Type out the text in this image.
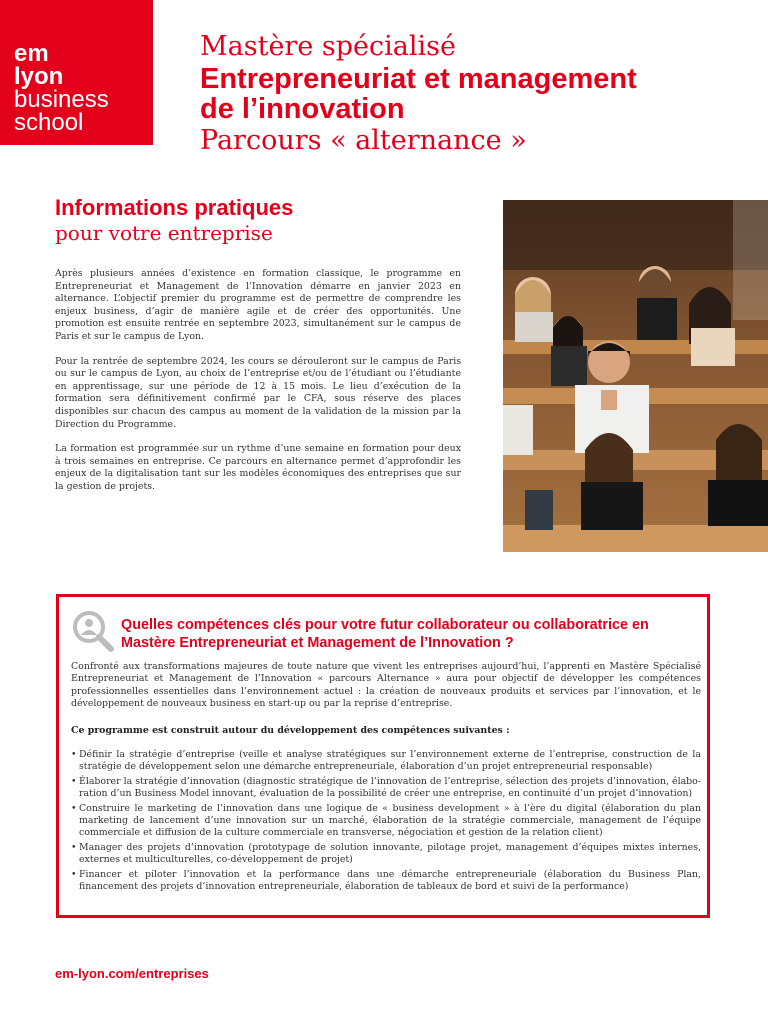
em
lyon
business
school
Mastère spécialisé
Entrepreneuriat et management
de l’innovation
Parcours « alternance »
Informations pratiques
pour votre entreprise

Après plusieurs années d’existence en formation classique, le programme en Entrepreneuriat et Management de l’Innovation démarre en janvier 2023 en alternance. L’objectif premier du programme est de permettre de comprendre les enjeux business, d’agir de manière agile et de créer des opportunités. Une promotion est ensuite rentrée en septembre 2023, simultanément sur le campus de Paris et sur le campus de Lyon.

Pour la rentrée de septembre 2024, les cours se dérouleront sur le campus de Paris ou sur le campus de Lyon, au choix de l’entreprise et/ou de l’étudiant ou l’étudiante en apprentissage, sur une période de 12 à 15 mois. Le lieu d’exécution de la formation sera définitivement confirmé par le CFA, sous réserve des places disponibles sur chacun des campus au moment de la validation de la mission par la Direction du Programme.

La formation est programmée sur un rythme d’une semaine en formation pour deux à trois semaines en entreprise. Ce parcours en alternance permet d’approfondir les enjeux de la digitalisation tant sur les modèles économiques des entreprises que sur la gestion de projets.

Quelles compétences clés pour votre futur collaborateur ou collaboratrice en Mastère Entrepreneuriat et Management de l’Innovation ?

Confronté aux transformations majeures de toute nature que vivent les entreprises aujourd’hui, l’apprenti en Mastère Spécialisé Entrepreneuriat et Management de l’Innovation « parcours Alternance » aura pour objectif de développer les compétences professionnelles essentielles dans l’environnement actuel : la création de nouveaux produits et services par l’innovation, et le développement de nouveaux business en start-up ou par la reprise d’entreprise.

Ce programme est construit autour du développement des compétences suivantes :

• Définir la stratégie d’entreprise (veille et analyse stratégiques sur l’environnement externe de l’entreprise, construction de la stratégie de développement selon une démarche entrepreneuriale, élaboration d’un projet entrepreneurial responsable)
• Élaborer la stratégie d’innovation (diagnostic stratégique de l’innovation de l’entreprise, sélection des projets d’innovation, élabo-ration d’un Business Model innovant, évaluation de la possibilité de créer une entreprise, en continuité d’un projet d’innovation)
• Construire le marketing de l’innovation dans une logique de « business development » à l’ère du digital (élaboration du plan marketing de lancement d’une innovation sur un marché, élaboration de la stratégie commerciale, management de l’équipe commerciale et diffusion de la culture commerciale en transverse, négociation et gestion de la relation client)
• Manager des projets d’innovation (prototypage de solution innovante, pilotage projet, management d’équipes mixtes internes, externes et multiculturelles, co-développement de projet)
• Financer et piloter l’innovation et la performance dans une démarche entrepreneuriale (élaboration du Business Plan, financement des projets d’innovation entrepreneuriale, élaboration de tableaux de bord et suivi de la performance)
em-lyon.com/entreprises
